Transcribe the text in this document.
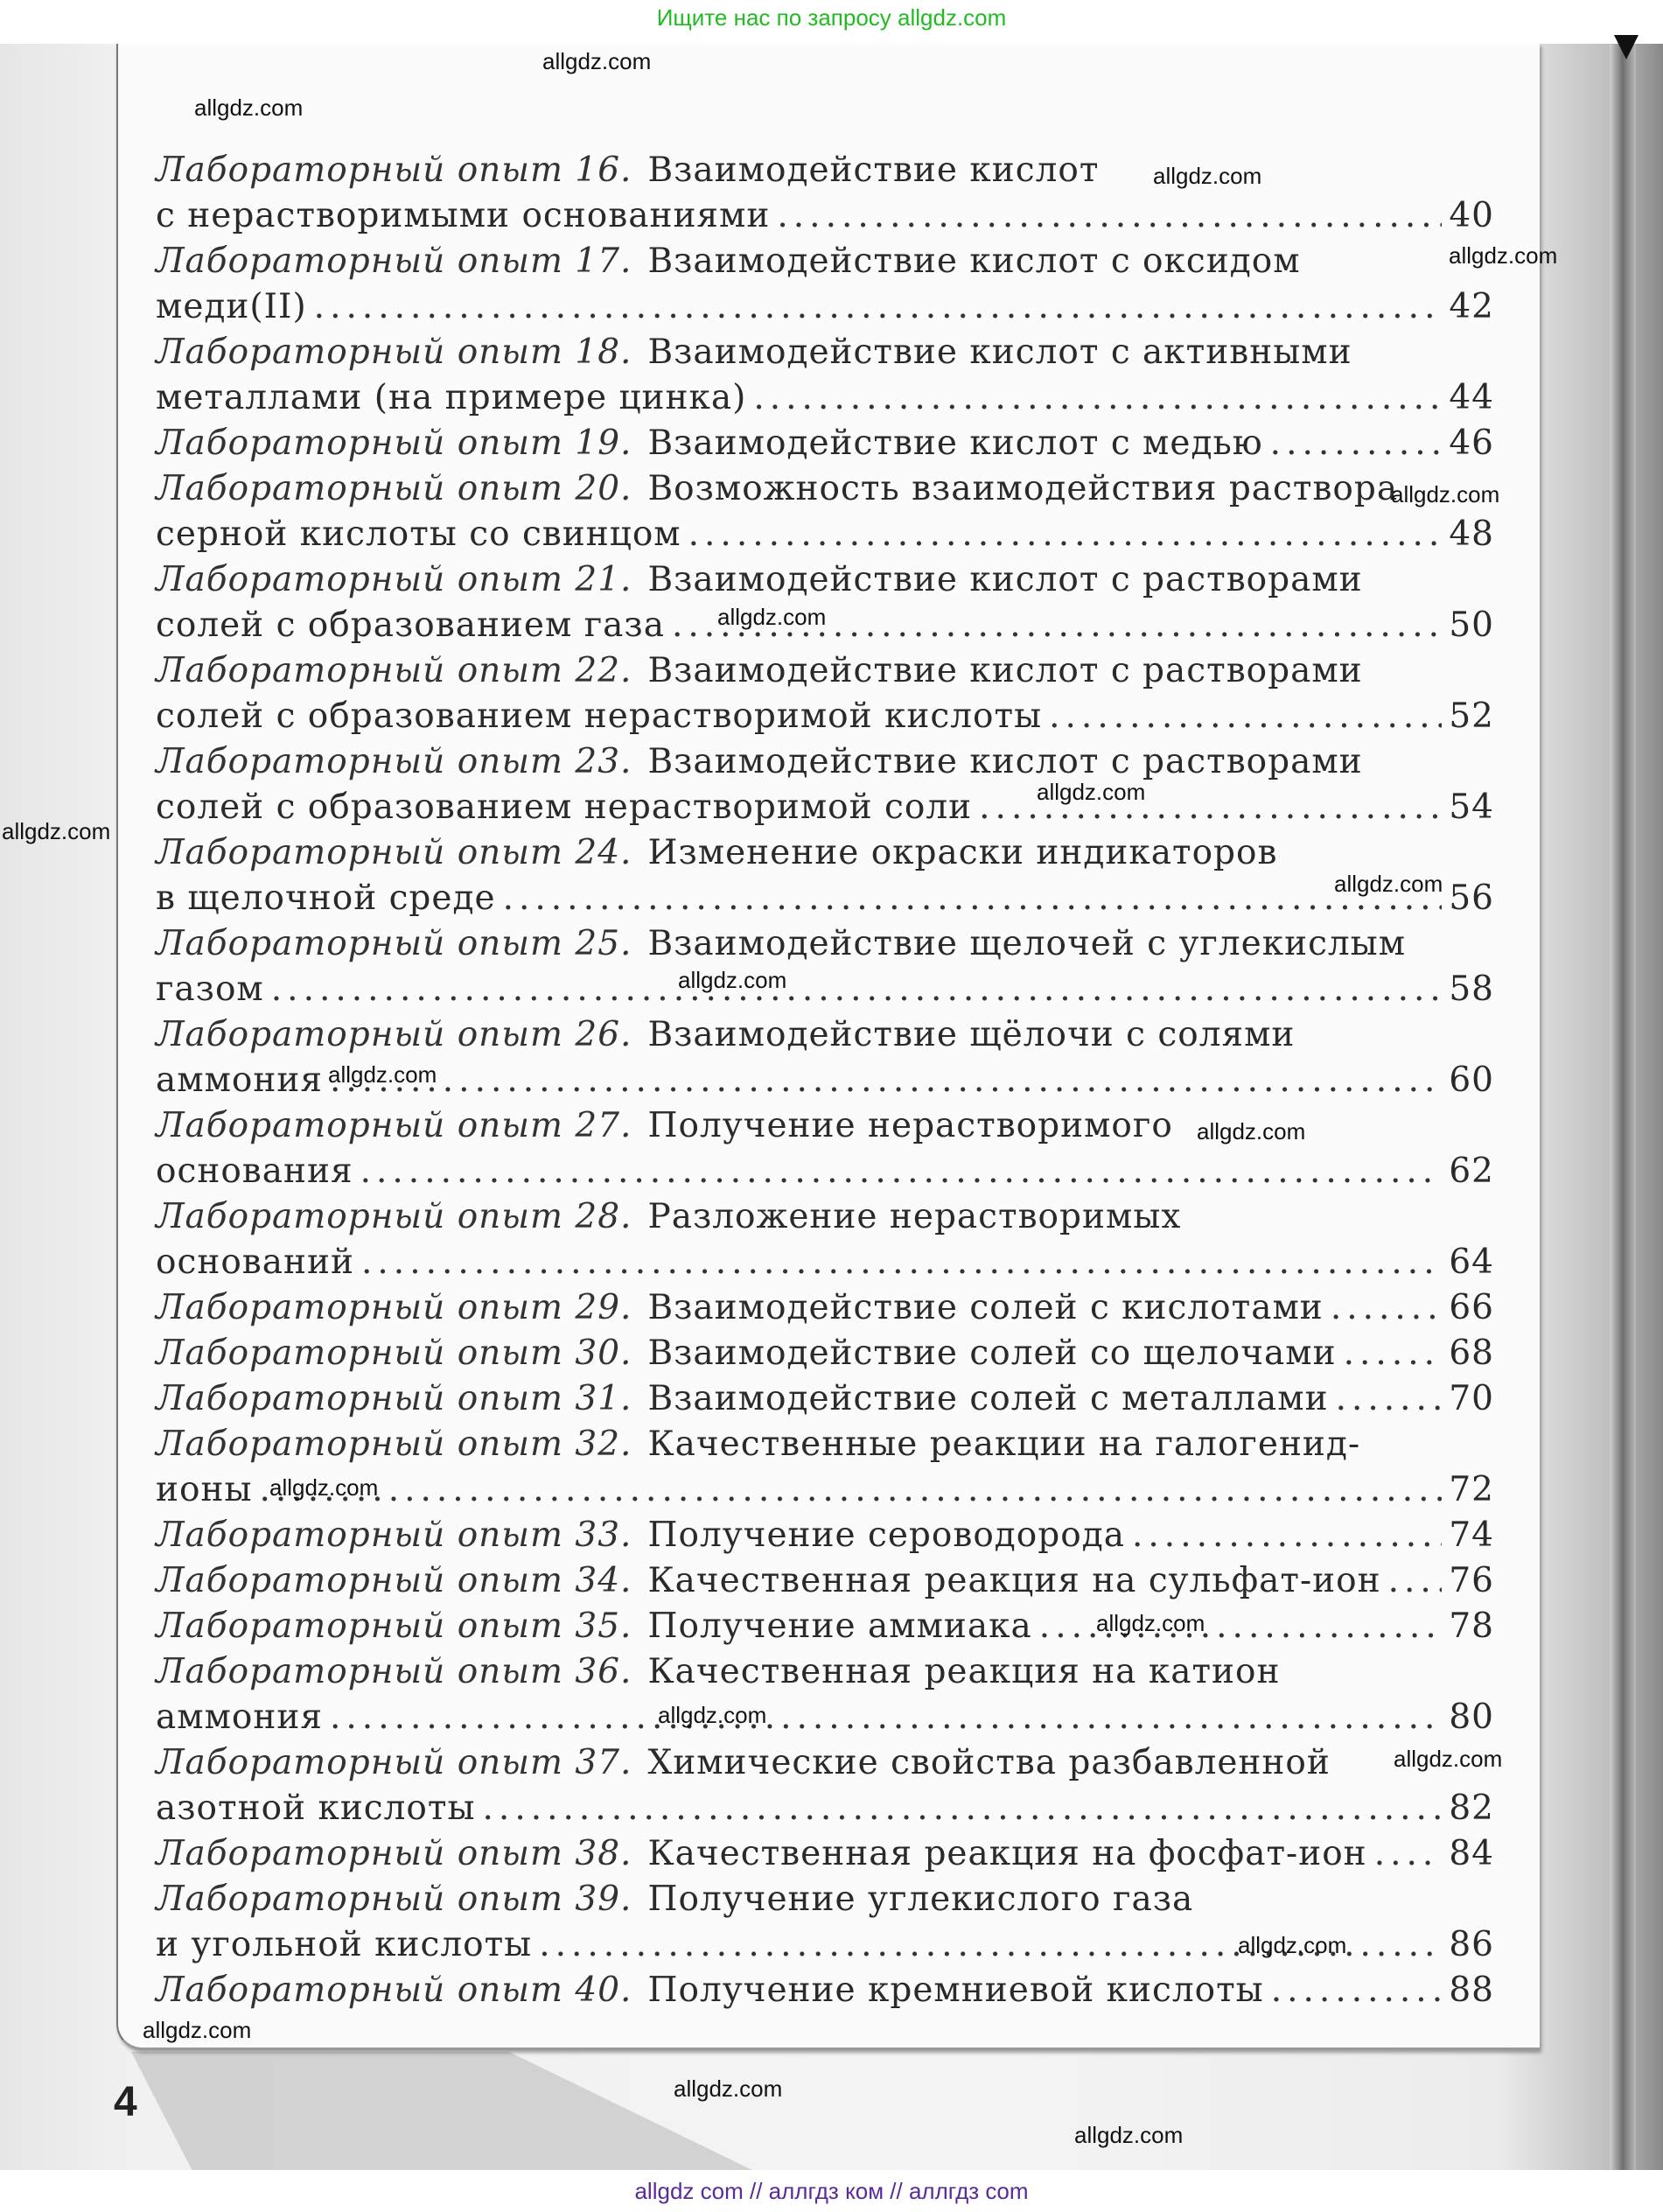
Ищите нас по запросу allgdz.com
Лабораторный опыт 16. Взаимодействие кислот
с нерастворимыми основаниями .....	40
Лабораторный опыт 17. Взаимодействие кислот с оксидом
меди(II) .....	42
Лабораторный опыт 18. Взаимодействие кислот с активными
металлами (на примере цинка) .....	44
Лабораторный опыт 19. Взаимодействие кислот с медью .....	46
Лабораторный опыт 20. Возможность взаимодействия раствора
серной кислоты со свинцом .....	48
Лабораторный опыт 21. Взаимодействие кислот с растворами
солей с образованием газа .....	50
Лабораторный опыт 22. Взаимодействие кислот с растворами
солей с образованием нерастворимой кислоты .....	52
Лабораторный опыт 23. Взаимодействие кислот с растворами
солей с образованием нерастворимой соли .....	54
Лабораторный опыт 24. Изменение окраски индикаторов
в щелочной среде .....	56
Лабораторный опыт 25. Взаимодействие щелочей с углекислым
газом .....	58
Лабораторный опыт 26. Взаимодействие щёлочи с солями
аммония .....	60
Лабораторный опыт 27. Получение нерастворимого
основания .....	62
Лабораторный опыт 28. Разложение нерастворимых
оснований .....	64
Лабораторный опыт 29. Взаимодействие солей с кислотами .....	66
Лабораторный опыт 30. Взаимодействие солей со щелочами .....	68
Лабораторный опыт 31. Взаимодействие солей с металлами .....	70
Лабораторный опыт 32. Качественные реакции на галогенид-
ионы .....	72
Лабораторный опыт 33. Получение сероводорода .....	74
Лабораторный опыт 34. Качественная реакция на сульфат-ион ..... 76
Лабораторный опыт 35. Получение аммиака .....	78
Лабораторный опыт 36. Качественная реакция на катион
аммония .....	80
Лабораторный опыт 37. Химические свойства разбавленной
азотной кислоты .....	82
Лабораторный опыт 38. Качественная реакция на фосфат-ион ..... 84
Лабораторный опыт 39. Получение углекислого газа
и угольной кислоты .....	86
Лабораторный опыт 40. Получение кремниевой кислоты .....	88
4
allgdz.com
allgdz.com
allgdz.com
allgdz.com
allgdz.com
allgdz.com
allgdz.com
allgdz.com
allgdz.com
allgdz.com
allgdz.com
allgdz.com
allgdz.com
allgdz.com
allgdz.com
allgdz.com
allgdz.com
allgdz.com
allgdz.com
allgdz.com
allgdz com // аллгдз ком // аллгдз com
